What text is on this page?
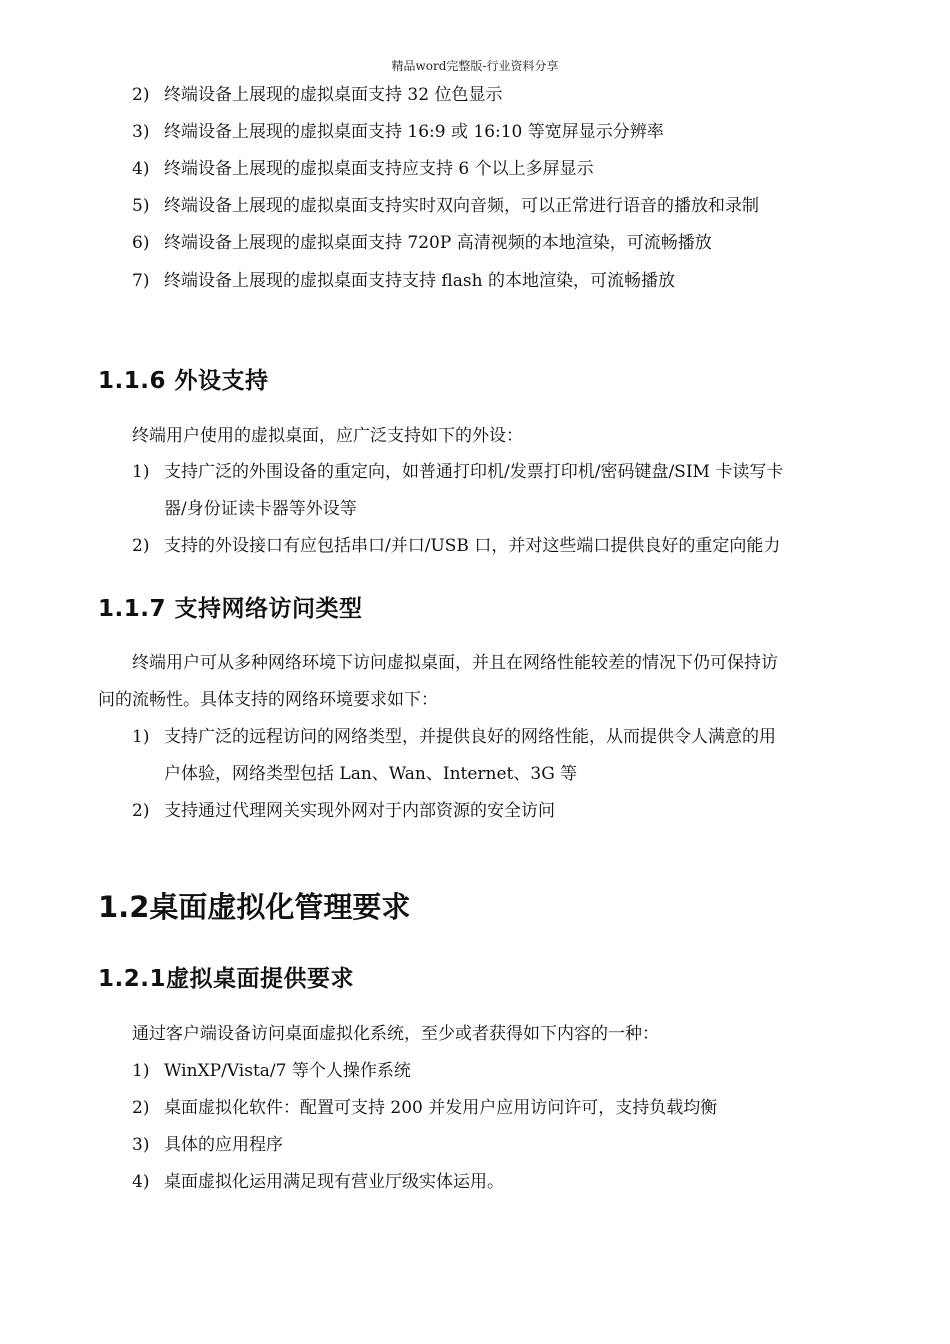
精品word完整版-行业资料分享
2) 终端设备上展现的虚拟桌面支持 32 位色显示
3) 终端设备上展现的虚拟桌面支持 16:9 或 16:10 等宽屏显示分辨率
4) 终端设备上展现的虚拟桌面支持应支持 6 个以上多屏显示
5) 终端设备上展现的虚拟桌面支持实时双向音频，可以正常进行语音的播放和录制
6) 终端设备上展现的虚拟桌面支持 720P 高清视频的本地渲染，可流畅播放
7) 终端设备上展现的虚拟桌面支持支持 flash 的本地渲染，可流畅播放
1.1.6 外设支持
终端用户使用的虚拟桌面，应广泛支持如下的外设：
1) 支持广泛的外围设备的重定向，如普通打印机/发票打印机/密码键盘/SIM 卡读写卡
器/身份证读卡器等外设等
2) 支持的外设接口有应包括串口/并口/USB 口，并对这些端口提供良好的重定向能力
1.1.7 支持网络访问类型
终端用户可从多种网络环境下访问虚拟桌面，并且在网络性能较差的情况下仍可保持访
问的流畅性。具体支持的网络环境要求如下：
1) 支持广泛的远程访问的网络类型，并提供良好的网络性能，从而提供令人满意的用
户体验，网络类型包括 Lan、Wan、Internet、3G 等
2) 支持通过代理网关实现外网对于内部资源的安全访问
1.2桌面虚拟化管理要求
1.2.1虚拟桌面提供要求
通过客户端设备访问桌面虚拟化系统，至少或者获得如下内容的一种：
1) WinXP/Vista/7 等个人操作系统
2) 桌面虚拟化软件：配置可支持 200 并发用户应用访问许可，支持负载均衡
3) 具体的应用程序
4) 桌面虚拟化运用满足现有营业厅级实体运用。
